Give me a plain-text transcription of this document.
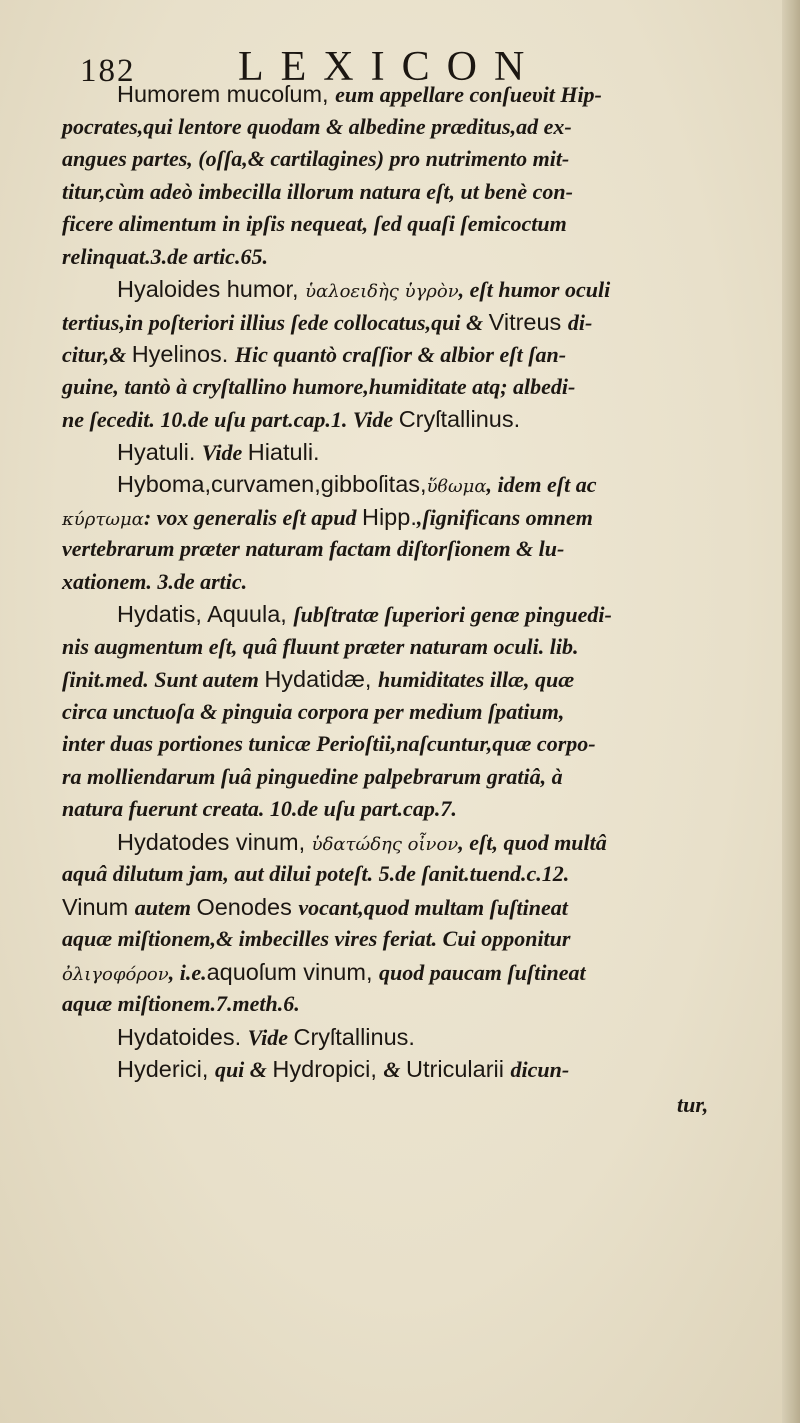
182	LEXICON
Humorem mucoſum, eum appellare conſueυit Hip-
pocrates,qui lentore quodam & albedine præditus,ad ex-
angues partes, (oſſa,& cartilagines) pro nutrimento mit-
titur,cùm adeò imbecilla illorum natura eſt, ut benè con-
ficere alimentum in ipſis nequeat, ſed quaſi ſemicoctum
relinquat.3.de artic.65.
Hyaloides humor, ὑαλοειδὴς ὑγρὸν, eſt humor oculi
tertius,in poſteriori illius ſede collocatus,qui & Vitreus di-
citur,& Hyelinos. Hic quantò craſſior & albior eſt ſan-
guine, tantò à cryſtallino humore,humiditate atq; albedi-
ne ſecedit. 10.de uſu part.cap.1. Vide Cryſtallinus.
Hyatuli. Vide Hiatuli.
Hyboma,curvamen,gibboſitas,ὕϐωμα, idem eſt ac
κύρτωμα: vox generalis eſt apud Hipp.,ſignificans omnem
vertebrarum præter naturam factam diſtorſionem & lu-
xationem. 3.de artic.
Hydatis, Aquula, ſubſtratæ ſuperiori genæ pinguedi-
nis augmentum eſt, quâ fluunt præter naturam oculi. lib.
ſinit.med. Sunt autem Hydatidæ, humiditates illæ, quæ
circa unctuoſa & pinguia corpora per medium ſpatium,
inter duas portiones tunicæ Perioſtii,naſcuntur,quæ corpo-
ra molliendarum ſuâ pinguedine palpebrarum gratiâ, à
natura fuerunt creata. 10.de uſu part.cap.7.
Hydatodes vinum, ὑδατώδης οἶνον, eſt, quod multâ
aquâ dilutum jam, aut dilui poteſt. 5.de ſanit.tuend.c.12.
Vinum autem Oenodes vocant,quod multam ſuſtineat
aquæ miſtionem,& imbecilles vires feriat. Cui opponitur
ὀλιγοφόρον, i.e.aquoſum vinum, quod paucam ſuſtineat
aquæ miſtionem.7.meth.6.
Hydatoides. Vide Cryſtallinus.
Hyderici, qui & Hydropici, & Utricularii dicun-
tur,
